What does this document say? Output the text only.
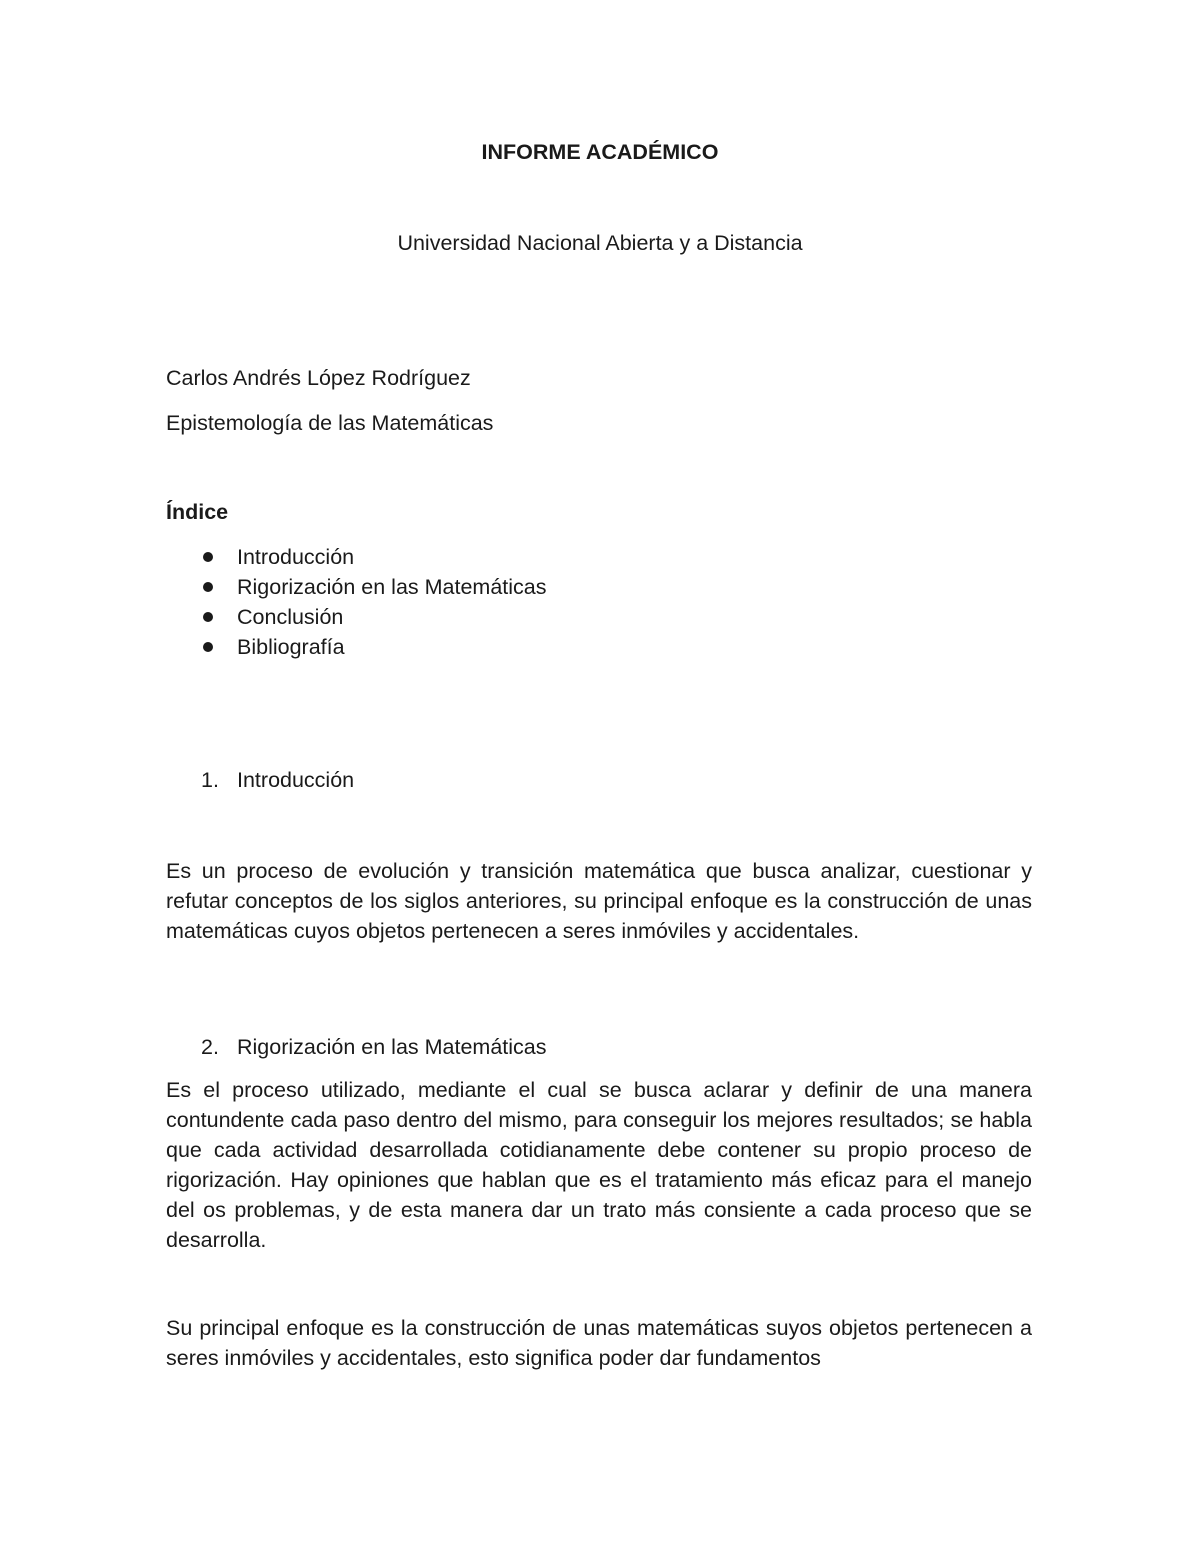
INFORME ACADÉMICO
Universidad Nacional Abierta y a Distancia
Carlos Andrés López Rodríguez
Epistemología de las Matemáticas
Índice
Introducción
Rigorización en las Matemáticas
Conclusión
Bibliografía
1. Introducción

Es un proceso de evolución y transición matemática que busca analizar, cuestionar y refutar conceptos de los siglos anteriores, su principal enfoque es la construcción de unas matemáticas cuyos objetos pertenecen a seres inmóviles y accidentales.

2. Rigorización en las Matemáticas

Es el proceso utilizado, mediante el cual se busca aclarar y definir de una manera contundente cada paso dentro del mismo, para conseguir los mejores resultados; se habla que cada actividad desarrollada cotidianamente debe contener su propio proceso de rigorización. Hay opiniones que hablan que es el tratamiento más eficaz para el manejo del os problemas, y de esta manera dar un trato más consiente a cada proceso que se desarrolla.

Su principal enfoque es la construcción de unas matemáticas suyos objetos pertenecen a seres inmóviles y accidentales, esto significa poder dar fundamentos
